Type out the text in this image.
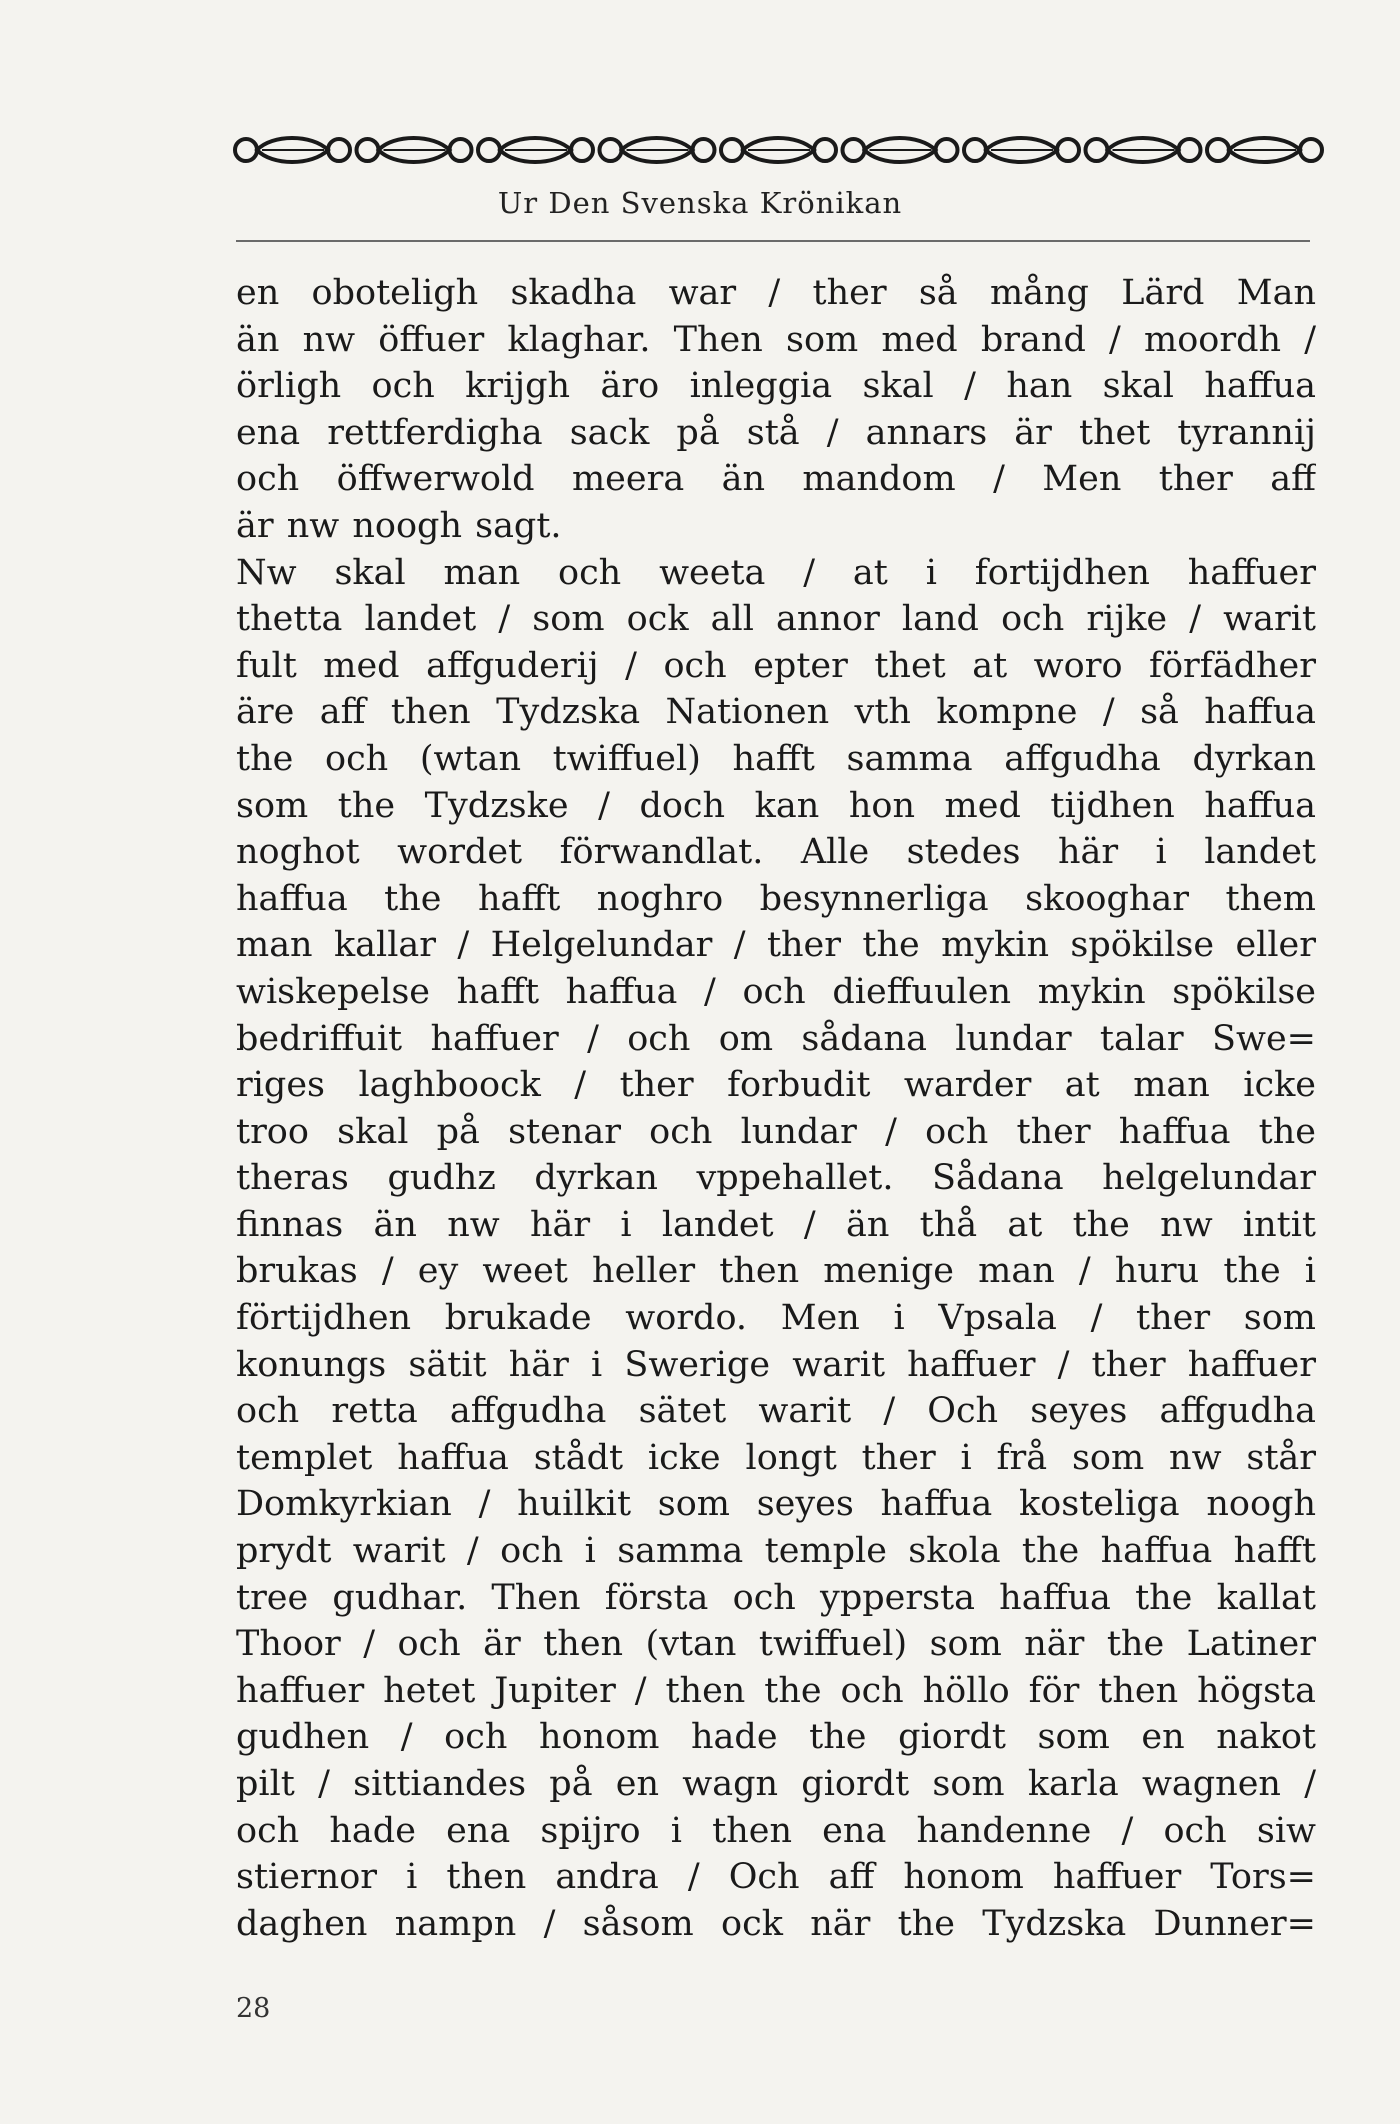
Ur Den Svenska Krönikan
en oboteligh skadha war / ther så mång Lärd Man
än nw öffuer klaghar. Then som med brand / moordh /
örligh och krijgh äro inleggia skal / han skal haffua
ena rettferdigha sack på stå / annars är thet tyrannij
och öffwerwold meera än mandom / Men ther aff
är nw noogh sagt.
Nw skal man och weeta / at i fortijdhen haffuer
thetta landet / som ock all annor land och rijke / warit
fult med affguderij / och epter thet at woro förfädher
äre aff then Tydzska Nationen vth kompne / så haffua
the och (wtan twiffuel) hafft samma affgudha dyrkan
som the Tydzske / doch kan hon med tijdhen haffua
noghot wordet förwandlat. Alle stedes här i landet
haffua the hafft noghro besynnerliga skooghar them
man kallar / Helgelundar / ther the mykin spökilse eller
wiskepelse hafft haffua / och dieffuulen mykin spökilse
bedriffuit haffuer / och om sådana lundar talar Swe=
riges laghboock / ther forbudit warder at man icke
troo skal på stenar och lundar / och ther haffua the
theras gudhz dyrkan vppehallet. Sådana helgelundar
finnas än nw här i landet / än thå at the nw intit
brukas / ey weet heller then menige man / huru the i
förtijdhen brukade wordo. Men i Vpsala / ther som
konungs sätit här i Swerige warit haffuer / ther haffuer
och retta affgudha sätet warit / Och seyes affgudha
templet haffua stådt icke longt ther i frå som nw står
Domkyrkian / huilkit som seyes haffua kosteliga noogh
prydt warit / och i samma temple skola the haffua hafft
tree gudhar. Then första och yppersta haffua the kallat
Thoor / och är then (vtan twiffuel) som när the Latiner
haffuer hetet Jupiter / then the och höllo för then högsta
gudhen / och honom hade the giordt som en nakot
pilt / sittiandes på en wagn giordt som karla wagnen /
och hade ena spijro i then ena handenne / och siw
stiernor i then andra / Och aff honom haffuer Tors=
daghen nampn / såsom ock när the Tydzska Dunner=
28
